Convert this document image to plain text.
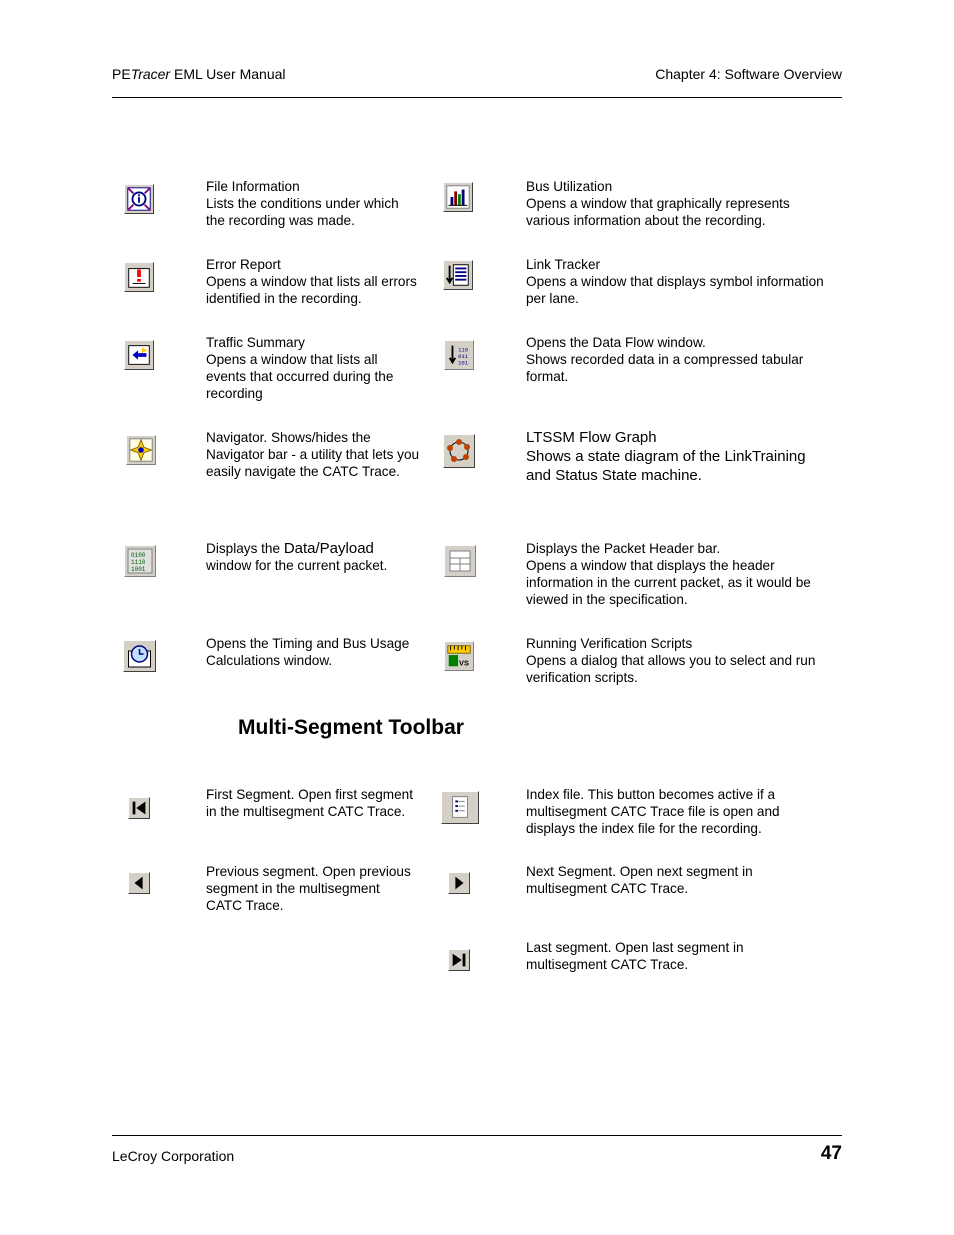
PETracer EML User Manual	Chapter 4: Software Overview
File Information
Lists the conditions under which
the recording was made.
Bus Utilization
Opens a window that graphically represents
various information about the recording.
Error Report
Opens a window that lists all errors
identified in the recording.
Link Tracker
Opens a window that displays symbol information
per lane.
Traffic Summary
Opens a window that lists all
events that occurred during the
recording
110
011
101
Opens the Data Flow window.
Shows recorded data in a compressed tabular
format.
Navigator. Shows/hides the
Navigator bar - a utility that lets you
easily navigate the CATC Trace.
LTSSM Flow Graph
Shows a state diagram of the LinkTraining
and Status State machine.
0100
1110
1001
Displays the Data/Payload
window for the current packet.
Displays the Packet Header bar.
Opens a window that displays the header
information in the current packet, as it would be
viewed in the specification.
Opens the Timing and Bus Usage
Calculations window.	VS
Running Verification Scripts
Opens a dialog that allows you to select and run
verification scripts.
Multi-Segment Toolbar
First Segment. Open first segment
in the multisegment CATC Trace.
Index file. This button becomes active if a
multisegment CATC Trace file is open and
displays the index file for the recording.
Previous segment. Open previous
segment in the multisegment
CATC Trace.
Next Segment. Open next segment in
multisegment CATC Trace.
Last segment. Open last segment in
multisegment CATC Trace.
LeCroy Corporation	47
